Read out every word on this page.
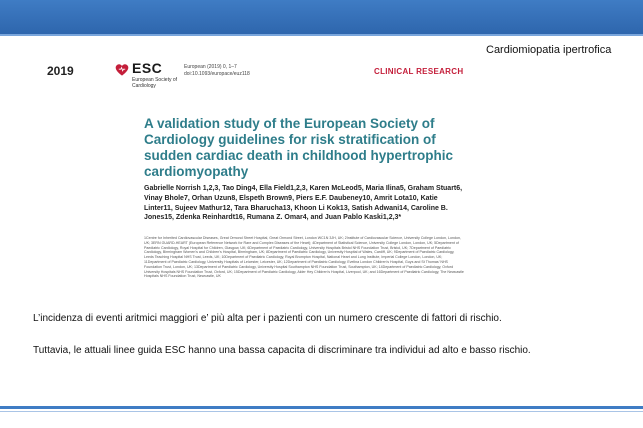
Cardiomiopatia ipertrofica
2019	ESC
European Society of Cardiology
European (2019) 0, 1–7
doi:10.1093/europace/euz118	CLINICAL RESEARCH
A validation study of the European Society of Cardiology guidelines for risk stratification of sudden cardiac death in childhood hypertrophic cardiomyopathy
Gabrielle Norrish 1,2,3, Tao Ding4, Ella Field1,2,3, Karen McLeod5, Maria Ilina5, Graham Stuart6, Vinay Bhole7, Orhan Uzun8, Elspeth Brown9, Piers E.F. Daubeney10, Amrit Lota10, Katie Linter11, Sujeev Mathur12, Tara Bharucha13, Khoon Li Kok13, Satish Adwani14, Caroline B. Jones15, Zdenka Reinhardt16, Rumana Z. Omar4, and Juan Pablo Kaski1,2,3*
1Centre for Inherited Cardiovascular Diseases, Great Ormond Street Hospital, Great Ormond Street, London WC1N 3JH, UK; 2Institute of Cardiovascular Science, University College London, London, UK; 3ERN GUARD-HEART (European Reference Network for Rare and Complex Diseases of the Heart); 4Department of Statistical Science, University College London, London, UK; 5Department of Paediatric Cardiology, Royal Hospital for Children, Glasgow, UK; 6Department of Paediatric Cardiology, University Hospitals Bristol NHS Foundation Trust, Bristol, UK; 7Department of Paediatric Cardiology, Birmingham Women’s and Children’s Hospital, Birmingham, UK; 8Department of Paediatric Cardiology, University Hospital of Wales, Cardiff, UK; 9Department of Paediatric Cardiology, Leeds Teaching Hospital NHS Trust, Leeds, UK; 10Department of Paediatric Cardiology, Royal Brompton Hospital, National Heart and Lung Institute, Imperial College London, London, UK; 11Department of Paediatric Cardiology, University Hospitals of Leicester, Leicester, UK; 12Department of Paediatric Cardiology, Evelina London Children’s Hospital, Guys and St Thomas’ NHS Foundation Trust, London, UK; 13Department of Paediatric Cardiology, University Hospital Southampton NHS Foundation Trust, Southampton, UK; 14Department of Paediatric Cardiology, Oxford University Hospitals NHS Foundation Trust, Oxford, UK; 15Department of Paediatric Cardiology, Alder Hey Children’s Hospital, Liverpool, UK; and 16Department of Paediatric Cardiology, The Newcastle Hospitals NHS Foundation Trust, Newcastle, UK
L’incidenza di eventi aritmici maggiori e’ più alta per i pazienti con un numero crescente di fattori di rischio.
Tuttavia, le attuali linee guida ESC hanno una bassa capacita di discriminare tra individui ad alto e basso rischio.
